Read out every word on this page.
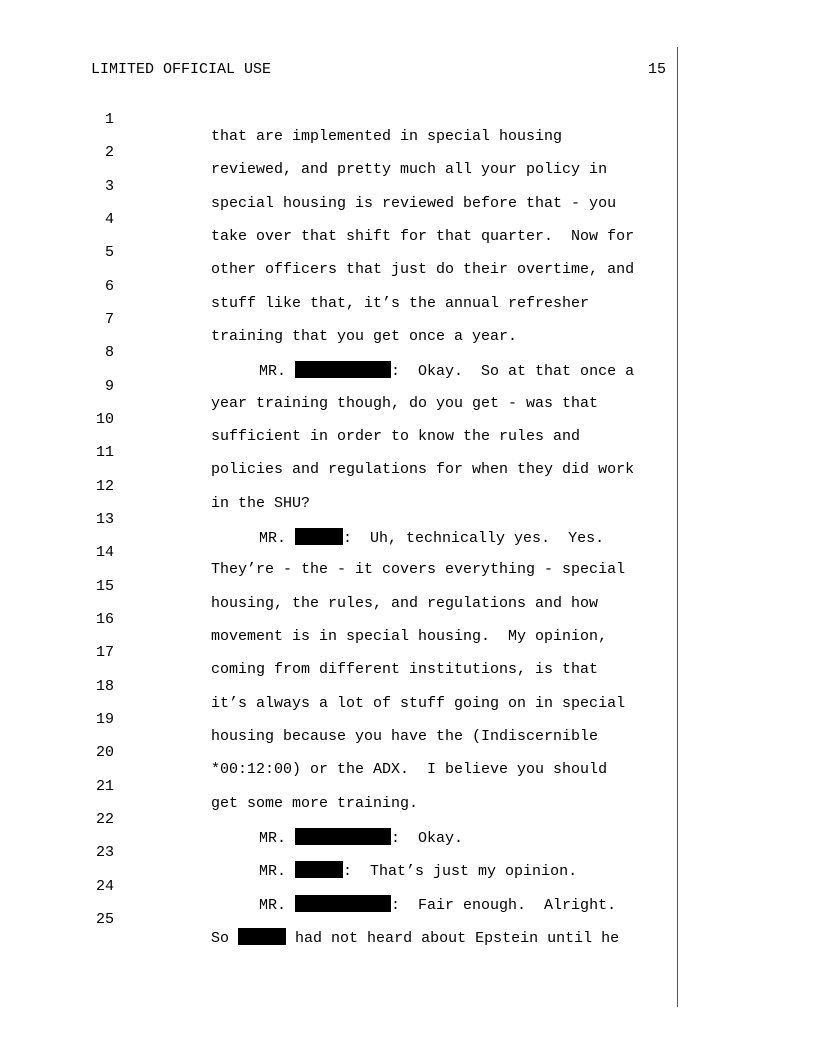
LIMITED OFFICIAL USE	15

1

that are implemented in special housing

2

reviewed, and pretty much all your policy in

3

special housing is reviewed before that - you

4

take over that shift for that quarter.  Now for

5

other officers that just do their overtime, and

6

stuff like that, it’s the annual refresher

7

training that you get once a year.

8

MR.	:  Okay.  So at that once a

9

year training though, do you get - was that

10

sufficient in order to know the rules and

11

policies and regulations for when they did work

12

in the SHU?

13

MR.	:  Uh, technically yes.  Yes.

14

They’re - the - it covers everything - special

15

housing, the rules, and regulations and how

16

movement is in special housing.  My opinion,

17

coming from different institutions, is that

18

it’s always a lot of stuff going on in special

19

housing because you have the (Indiscernible

20

*00:12:00) or the ADX.  I believe you should

21

get some more training.

22

MR.	:  Okay.

23

MR.	:  That’s just my opinion.

24

MR.	:  Fair enough.  Alright.

25

So	had not heard about Epstein until he
